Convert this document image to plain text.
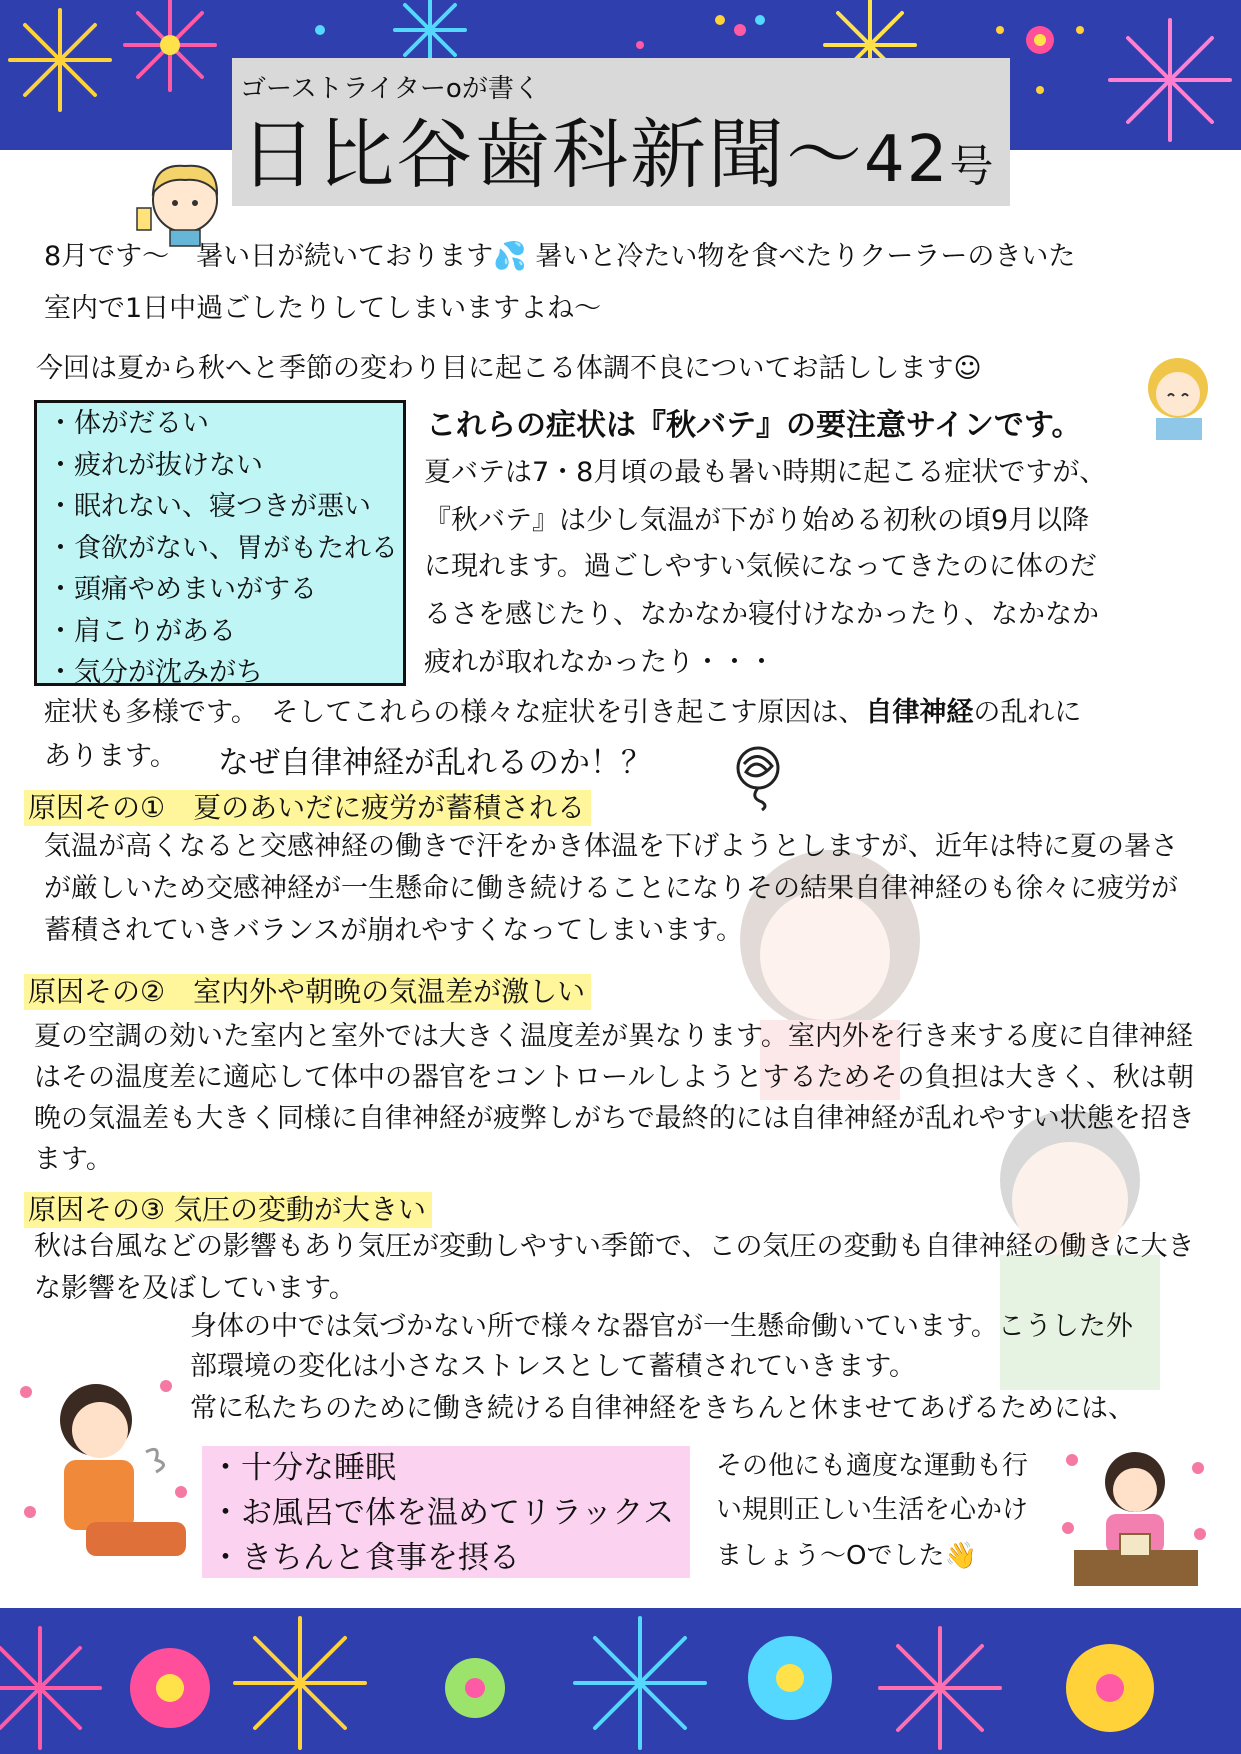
ゴーストライターoが書く
日比谷歯科新聞～42号
8月です～　暑い日が続いております💦 暑いと冷たい物を食べたりクーラーのきいた
室内で1日中過ごしたりしてしまいますよね～
今回は夏から秋へと季節の変わり目に起こる体調不良についてお話しします☺
・体がだるい
・疲れが抜けない
・眠れない、寝つきが悪い
・食欲がない、胃がもたれる
・頭痛やめまいがする
・肩こりがある
・気分が沈みがち
これらの症状は『秋バテ』の要注意サインです。
夏バテは7・8月頃の最も暑い時期に起こる症状ですが、
『秋バテ』は少し気温が下がり始める初秋の頃9月以降
に現れます。過ごしやすい気候になってきたのに体のだ
るさを感じたり、なかなか寝付けなかったり、なかなか
疲れが取れなかったり・・・
症状も多様です。　そしてこれらの様々な症状を引き起こす原因は、自律神経の乱れに
あります。 なぜ自律神経が乱れるのか！？
原因その①　夏のあいだに疲労が蓄積される
気温が高くなると交感神経の働きで汗をかき体温を下げようとしますが、近年は特に夏の暑さ
が厳しいため交感神経が一生懸命に働き続けることになりその結果自律神経のも徐々に疲労が
蓄積されていきバランスが崩れやすくなってしまいます。
原因その②　室内外や朝晩の気温差が激しい
夏の空調の効いた室内と室外では大きく温度差が異なります。室内外を行き来する度に自律神経
はその温度差に適応して体中の器官をコントロールしようとするためその負担は大きく、秋は朝
晩の気温差も大きく同様に自律神経が疲弊しがちで最終的には自律神経が乱れやすい状態を招き
ます。
原因その③ 気圧の変動が大きい
秋は台風などの影響もあり気圧が変動しやすい季節で、この気圧の変動も自律神経の働きに大き
な影響を及ぼしています。
身体の中では気づかない所で様々な器官が一生懸命働いています。こうした外
部環境の変化は小さなストレスとして蓄積されていきます。
常に私たちのために働き続ける自律神経をきちんと休ませてあげるためには、
・十分な睡眠
・お風呂で体を温めてリラックス
・きちんと食事を摂る
その他にも適度な運動も行
い規則正しい生活を心かけ
ましょう～Oでした👋
